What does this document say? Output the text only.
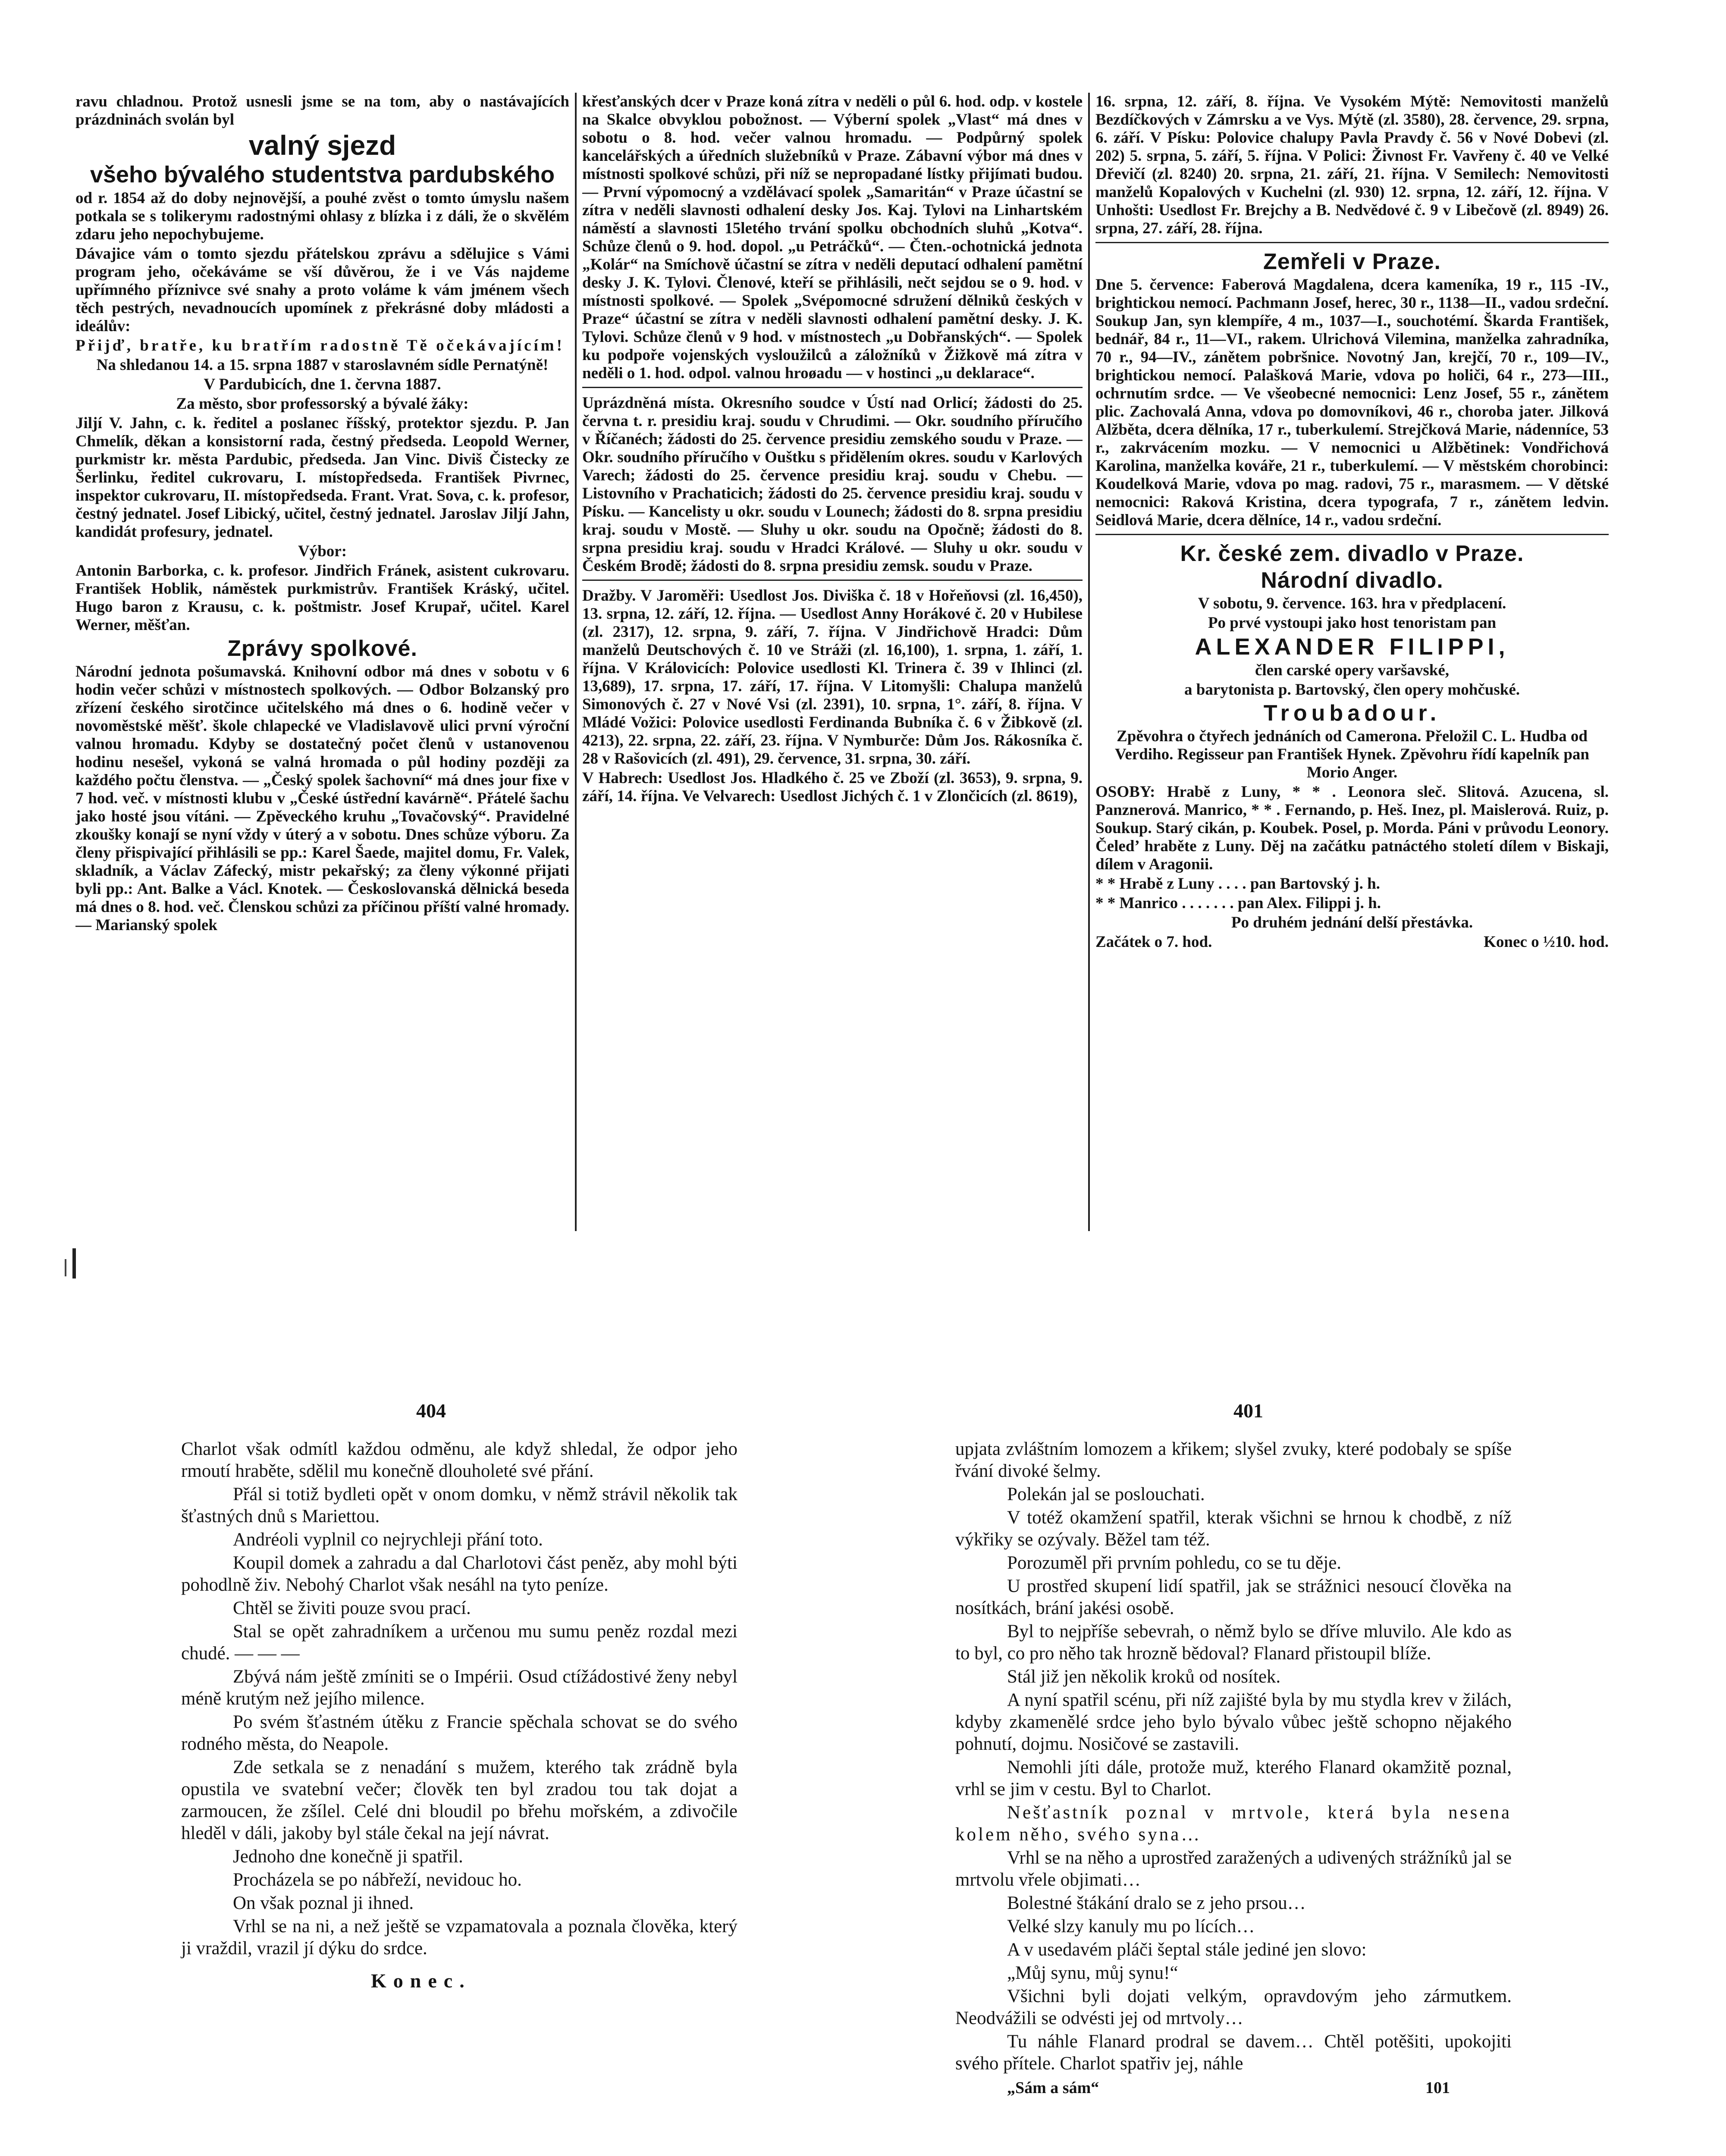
ravu chladnou. Protož usnesli jsme se na tom, aby o nastávajících prázdninách svolán byl

valný sjezd
všeho bývalého studentstva pardubského

od r. 1854 až do doby nejnovější, a pouhé zvěst o tomto úmyslu našem potkala se s tolikerymı radostnými ohlasy z blízka i z dáli, že o skvělém zdaru jeho nepochybujeme.

Dávajice vám o tomto sjezdu přátelskou zprávu a sdělujice s Vámi program jeho, očekáváme se vší důvěrou, že i ve Vás najdeme upřímného příznivce své snahy a proto voláme k vám jménem všech těch pestrých, nevadnoucích upomínek z překrásné doby mládosti a ideálův:

Přijď, bratře, ku bratřím radostně Tě očekávajícím!

Na shledanou 14. a 15. srpna 1887 v staroslavném sídle Pernatýně!

V Pardubicích, dne 1. června 1887.

Za město, sbor professorský a bývalé žáky:

Jiljí V. Jahn, c. k. ředitel a poslanec říšský, protektor sjezdu. P. Jan Chmelík, děkan a konsistorní rada, čestný předseda. Leopold Werner, purkmistr kr. města Pardubic, předseda. Jan Vinc. Diviš Čistecky ze Šerlinku, ředitel cukrovaru, I. místopředseda. František Pivrnec, inspektor cukrovaru, II. místopředseda. Frant. Vrat. Sova, c. k. profesor, čestný jednatel. Josef Libický, učitel, čestný jednatel. Jaroslav Jiljí Jahn, kandidát profesury, jednatel.

Výbor:

Antonin Barborka, c. k. profesor. Jindřich Fránek, asistent cukrovaru. František Hoblik, náměstek purkmistrův. František Kráský, učitel. Hugo baron z Krausu, c. k. poštmistr. Josef Krupař, učitel. Karel Werner, měšťan.

Zprávy spolkové.

Národní jednota pošumavská. Knihovní odbor má dnes v sobotu v 6 hodin večer schůzi v místnostech spolkových. — Odbor Bolzanský pro zřízení českého sirotčince učitelského má dnes o 6. hodině večer v novoměstské měšť. škole chlapecké ve Vladislavově ulici první výroční valnou hromadu. Kdyby se dostatečný počet členů v ustanovenou hodinu nesešel, vykoná se valná hromada o půl hodiny později za každého počtu členstva. — „Český spolek šachovní“ má dnes jour fixe v 7 hod. več. v místnosti klubu v „České ústřední kavárně“. Přátelé šachu jako hosté jsou vítáni. — Zpěveckého kruhu „Tovačovský“. Pravidelné zkoušky konají se nyní vždy v úterý a v sobotu. Dnes schůze výboru. Za členy přispivající přihlásili se pp.: Karel Šaede, majitel domu, Fr. Valek, skladník, a Václav Záfecký, mistr pekařský; za členy výkonné přijati byli pp.: Ant. Balke a Václ. Knotek. — Českoslovanská dělnická beseda má dnes o 8. hod. več. Členskou schůzi za příčinou příští valné hromady. — Marianský spolek

křesťanských dcer v Praze koná zítra v neděli o půl 6. hod. odp. v kostele na Skalce obvyklou pobožnost. — Výberní spolek „Vlast“ má dnes v sobotu o 8. hod. večer valnou hromadu. — Podpůrný spolek kancelářských a úředních služebníků v Praze. Zábavní výbor má dnes v místnosti spolkové schůzi, při níž se nepropadané lístky přijímati budou. — První výpomocný a vzdělávací spolek „Samaritán“ v Praze účastní se zítra v neděli slavnosti odhalení desky Jos. Kaj. Tylovi na Linhartském náměstí a slavnosti 15letého trvání spolku obchodních sluhů „Kotva“. Schůze členů o 9. hod. dopol. „u Petráčků“. — Čten.-ochotnická jednota „Kolár“ na Smíchově účastní se zítra v neděli deputací odhalení pamětní desky J. K. Tylovi. Členové, kteří se přihlásili, nečt sejdou se o 9. hod. v místnosti spolkové. — Spolek „Svépomocné sdružení dělniků českých v Praze“ účastní se zítra v neděli slavnosti odhalení pamětní desky. J. K. Tylovi. Schůze členů v 9 hod. v místnostech „u Dobřanských“. — Spolek ku podpoře vojenských vysloužilců a záložníků v Žižkově má zítra v neděli o 1. hod. odpol. valnou hroøadu — v hostinci „u deklarace“.

Uprázdněná místa. Okresního soudce v Ústí nad Orlicí; žádosti do 25. června t. r. presidiu kraj. soudu v Chrudimi. — Okr. soudního příručího v Říčanéch; žádosti do 25. července presidiu zemského soudu v Praze. — Okr. soudního příručího v Ouštku s přidělením okres. soudu v Karlových Varech; žádosti do 25. července presidiu kraj. soudu v Chebu. — Listovního v Prachaticich; žádosti do 25. července presidiu kraj. soudu v Písku. — Kancelisty u okr. soudu v Lounech; žádosti do 8. srpna presidiu kraj. soudu v Mostě. — Sluhy u okr. soudu na Opočně; žádosti do 8. srpna presidiu kraj. soudu v Hradci Králové. — Sluhy u okr. soudu v Českém Brodě; žádosti do 8. srpna presidiu zemsk. soudu v Praze.

Dražby. V Jaroměři: Usedlost Jos. Diviška č. 18 v Hořeňovsi (zl. 16,450), 13. srpna, 12. září, 12. října. — Usedlost Anny Horákové č. 20 v Hubilese (zl. 2317), 12. srpna, 9. září, 7. října. V Jindřichově Hradci: Dům manželů Deutschových č. 10 ve Stráži (zl. 16,100), 1. srpna, 1. září, 1. října. V Královicích: Polovice usedlosti Kl. Trinera č. 39 v Ihlinci (zl. 13,689), 17. srpna, 17. září, 17. října. V Litomyšli: Chalupa manželů Simonových č. 27 v Nové Vsi (zl. 2391), 10. srpna, 1°. září, 8. října. V Mládé Vožici: Polovice usedlosti Ferdinanda Bubníka č. 6 v Žibkově (zl. 4213), 22. srpna, 22. září, 23. října. V Nymburče: Dům Jos. Rákosníka č. 28 v Rašovicích (zl. 491), 29. července, 31. srpna, 30. září.

V Habrech: Usedlost Jos. Hladkého č. 25 ve Zboží (zl. 3653), 9. srpna, 9. září, 14. října. Ve Velvarech: Usedlost Jichých č. 1 v Zlončicích (zl. 8619),

16. srpna, 12. září, 8. října. Ve Vysokém Mýtě: Nemovitosti manželů Bezdíčkových v Zámrsku a ve Vys. Mýtě (zl. 3580), 28. července, 29. srpna, 6. září. V Písku: Polovice chalupy Pavla Pravdy č. 56 v Nové Dobevi (zl. 202) 5. srpna, 5. září, 5. října. V Polici: Živnost Fr. Vavřeny č. 40 ve Velké Dřevičí (zl. 8240) 20. srpna, 21. září, 21. října. V Semilech: Nemovitosti manželů Kopalových v Kuchelni (zl. 930) 12. srpna, 12. září, 12. října. V Unhošti: Usedlost Fr. Brejchy a B. Nedvědové č. 9 v Libečově (zl. 8949) 26. srpna, 27. září, 28. října.

Zemřeli v Praze.

Dne 5. července: Faberová Magdalena, dcera kameníka, 19 r., 115 -IV., brightickou nemocí. Pachmann Josef, herec, 30 r., 1138—II., vadou srdeční. Soukup Jan, syn klempíře, 4 m., 1037—I., souchotémí. Škarda František, bednář, 84 r., 11—VI., rakem. Ulrichová Vilemina, manželka zahradníka, 70 r., 94—IV., zánětem pobršnice. Novotný Jan, krejčí, 70 r., 109—IV., brightickou nemocí. Palašková Marie, vdova po holiči, 64 r., 273—III., ochrnutím srdce. — Ve všeobecné nemocnici: Lenz Josef, 55 r., zánětem plic. Zachovalá Anna, vdova po domovníkovi, 46 r., choroba jater. Jilková Alžběta, dcera dělníka, 17 r., tuberkulemí. Strejčková Marie, nádenníce, 53 r., zakrvácením mozku. — V nemocnici u Alžbětinek: Vondřichová Karolina, manželka kováře, 21 r., tuberkulemí. — V městském chorobinci: Koudelková Marie, vdova po mag. radovi, 75 r., marasmem. — V dětské nemocnici: Raková Kristina, dcera typografa, 7 r., zánětem ledvin. Seidlová Marie, dcera dělníce, 14 r., vadou srdeční.

Kr. české zem. divadlo v Praze.
Národní divadlo.

V sobotu, 9. července. 163. hra v předplacení.

Po prvé vystoupi jako host tenoristam pan

ALEXANDER FILIPPI,

člen carské opery varšavské,

a barytonista p. Bartovský, člen opery mohčuské.

Troubadour.

Zpěvohra o čtyřech jednáních od Camerona. Přeložil C. L. Hudba od Verdiho. Regisseur pan František Hynek. Zpěvohru řídí kapelník pan Morio Anger.

OSOBY: Hrabě z Luny, * * . Leonora sleč. Slitová. Azucena, sl. Panznerová. Manrico, * * . Fernando, p. Heš. Inez, pl. Maislerová. Ruiz, p. Soukup. Starý cikán, p. Koubek. Posel, p. Morda. Páni v průvodu Leonory. Čeled’ hraběte z Luny. Děj na začátku patnáctého století dílem v Biskaji, dílem v Aragonii.

* * Hrabě z Luny . . . . pan Bartovský j. h.

* * Manrico . . . . . . . pan Alex. Filippi j. h.

Po druhém jednání delší přestávka.

Začátek o 7. hod.	Konec o ½10. hod.
404	401

Charlot však odmítl každou odměnu, ale když shledal, že odpor jeho rmoutí hraběte, sdělil mu konečně dlouholeté své přání.

Přál si totiž bydleti opět v onom domku, v němž strávil několik tak šťastných dnů s Mariettou.

Andréoli vyplnil co nejrychleji přání toto.

Koupil domek a zahradu a dal Charlotovi část peněz, aby mohl býti pohodlně živ. Nebohý Charlot však nesáhl na tyto peníze.

Chtěl se živiti pouze svou prací.

Stal se opět zahradníkem a určenou mu sumu peněz rozdal mezi chudé. — — —

Zbývá nám ještě zmíniti se o Impérii. Osud ctížádostivé ženy nebyl méně krutým než jejího milence.

Po svém šťastném útěku z Francie spěchala schovat se do svého rodného města, do Neapole.

Zde setkala se z nenadání s mužem, kterého tak zrádně byla opustila ve svatební večer; člověk ten byl zradou tou tak dojat a zarmoucen, že zšílel. Celé dni bloudil po břehu mořském, a zdivočile hleděl v dáli, jakoby byl stále čekal na její návrat.

Jednoho dne konečně ji spatřil.

Procházela se po nábřeží, nevidouc ho.

On však poznal ji ihned.

Vrhl se na ni, a než ještě se vzpamatovala a poznala člověka, který ji vraždil, vrazil jí dýku do srdce.

Konec.

upjata zvláštním lomozem a křikem; slyšel zvuky, které podobaly se spíše řvání divoké šelmy.

Polekán jal se poslouchati.

V totéž okamžení spatřil, kterak všichni se hrnou k chodbě, z níž výkřiky se ozývaly. Běžel tam též.

Porozuměl při prvním pohledu, co se tu děje.

U prostřed skupení lidí spatřil, jak se strážnici nesoucí člověka na nosítkách, brání jakési osobě.

Byl to nejpříše sebevrah, o němž bylo se dříve mluvilo. Ale kdo as to byl, co pro něho tak hrozně bědoval? Flanard přistoupil blíže.

Stál již jen několik kroků od nosítek.

A nyní spatřil scénu, při níž zajišté byla by mu stydla krev v žilách, kdyby zkamenělé srdce jeho bylo bývalo vůbec ještě schopno nějakého pohnutí, dojmu. Nosičové se zastavili.

Nemohli jíti dále, protože muž, kterého Flanard okamžitě poznal, vrhl se jim v cestu. Byl to Charlot.

Nešťastník poznal v mrtvole, která byla nesena kolem něho, svého syna…

Vrhl se na něho a uprostřed zaražených a udivených strážníků jal se mrtvolu vřele objimati…

Bolestné štákání dralo se z jeho prsou…

Velké slzy kanuly mu po lících…

A v usedavém pláči šeptal stále jediné jen slovo:

„Můj synu, můj synu!“

Všichni byli dojati velkým, opravdovým jeho zármutkem. Neodvážili se odvésti jej od mrtvoly…

Tu náhle Flanard prodral se davem… Chtěl potěšiti, upokojiti svého přítele. Charlot spatřiv jej, náhle

„Sám a sám“	101
